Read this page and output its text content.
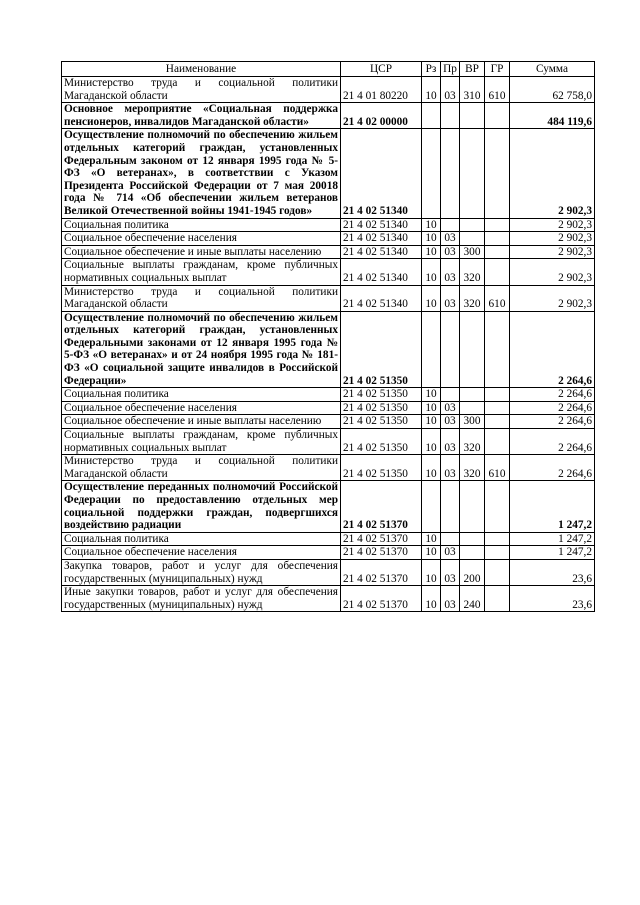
Наименование	ЦСР	Рз	Пр	ВР	ГР	Сумма
Министерство труда и социальной политики Магаданской области	21 4 01 80220	10	03	310	610	62 758,0
Основное мероприятие «Социальная поддержка пенсионеров, инвалидов Магаданской области»	21 4 02 00000					484 119,6
Осуществление полномочий по обеспечению жильем отдельных категорий граждан, установленных Федеральным законом от 12 января 1995 года № 5-ФЗ «О ветеранах», в соответствии с Указом Президента Российской Федерации от 7 мая 20018 года № 714 «Об обеспечении жильем ветеранов Великой Отечественной войны 1941-1945 годов»	21 4 02 51340					2 902,3
Социальная политика	21 4 02 51340	10				2 902,3
Социальное обеспечение населения	21 4 02 51340	10	03			2 902,3
Социальное обеспечение и иные выплаты населению	21 4 02 51340	10	03	300		2 902,3
Социальные выплаты гражданам, кроме публичных нормативных социальных выплат	21 4 02 51340	10	03	320		2 902,3
Министерство труда и социальной политики Магаданской области	21 4 02 51340	10	03	320	610	2 902,3
Осуществление полномочий по обеспечению жильем отдельных категорий граждан, установленных Федеральными законами от 12 января 1995 года № 5-ФЗ «О ветеранах» и от 24 ноября 1995 года № 181-ФЗ «О социальной защите инвалидов в Российской Федерации»	21 4 02 51350					2 264,6
Социальная политика	21 4 02 51350	10				2 264,6
Социальное обеспечение населения	21 4 02 51350	10	03			2 264,6
Социальное обеспечение и иные выплаты населению	21 4 02 51350	10	03	300		2 264,6
Социальные выплаты гражданам, кроме публичных нормативных социальных выплат	21 4 02 51350	10	03	320		2 264,6
Министерство труда и социальной политики Магаданской области	21 4 02 51350	10	03	320	610	2 264,6
Осуществление переданных полномочий Российской Федерации по предоставлению отдельных мер социальной поддержки граждан, подвергшихся воздействию радиации	21 4 02 51370					1 247,2
Социальная политика	21 4 02 51370	10				1 247,2
Социальное обеспечение населения	21 4 02 51370	10	03			1 247,2
Закупка товаров, работ и услуг для обеспечения государственных (муниципальных) нужд	21 4 02 51370	10	03	200		23,6
Иные закупки товаров, работ и услуг для обеспечения государственных (муниципальных) нужд	21 4 02 51370	10	03	240		23,6
